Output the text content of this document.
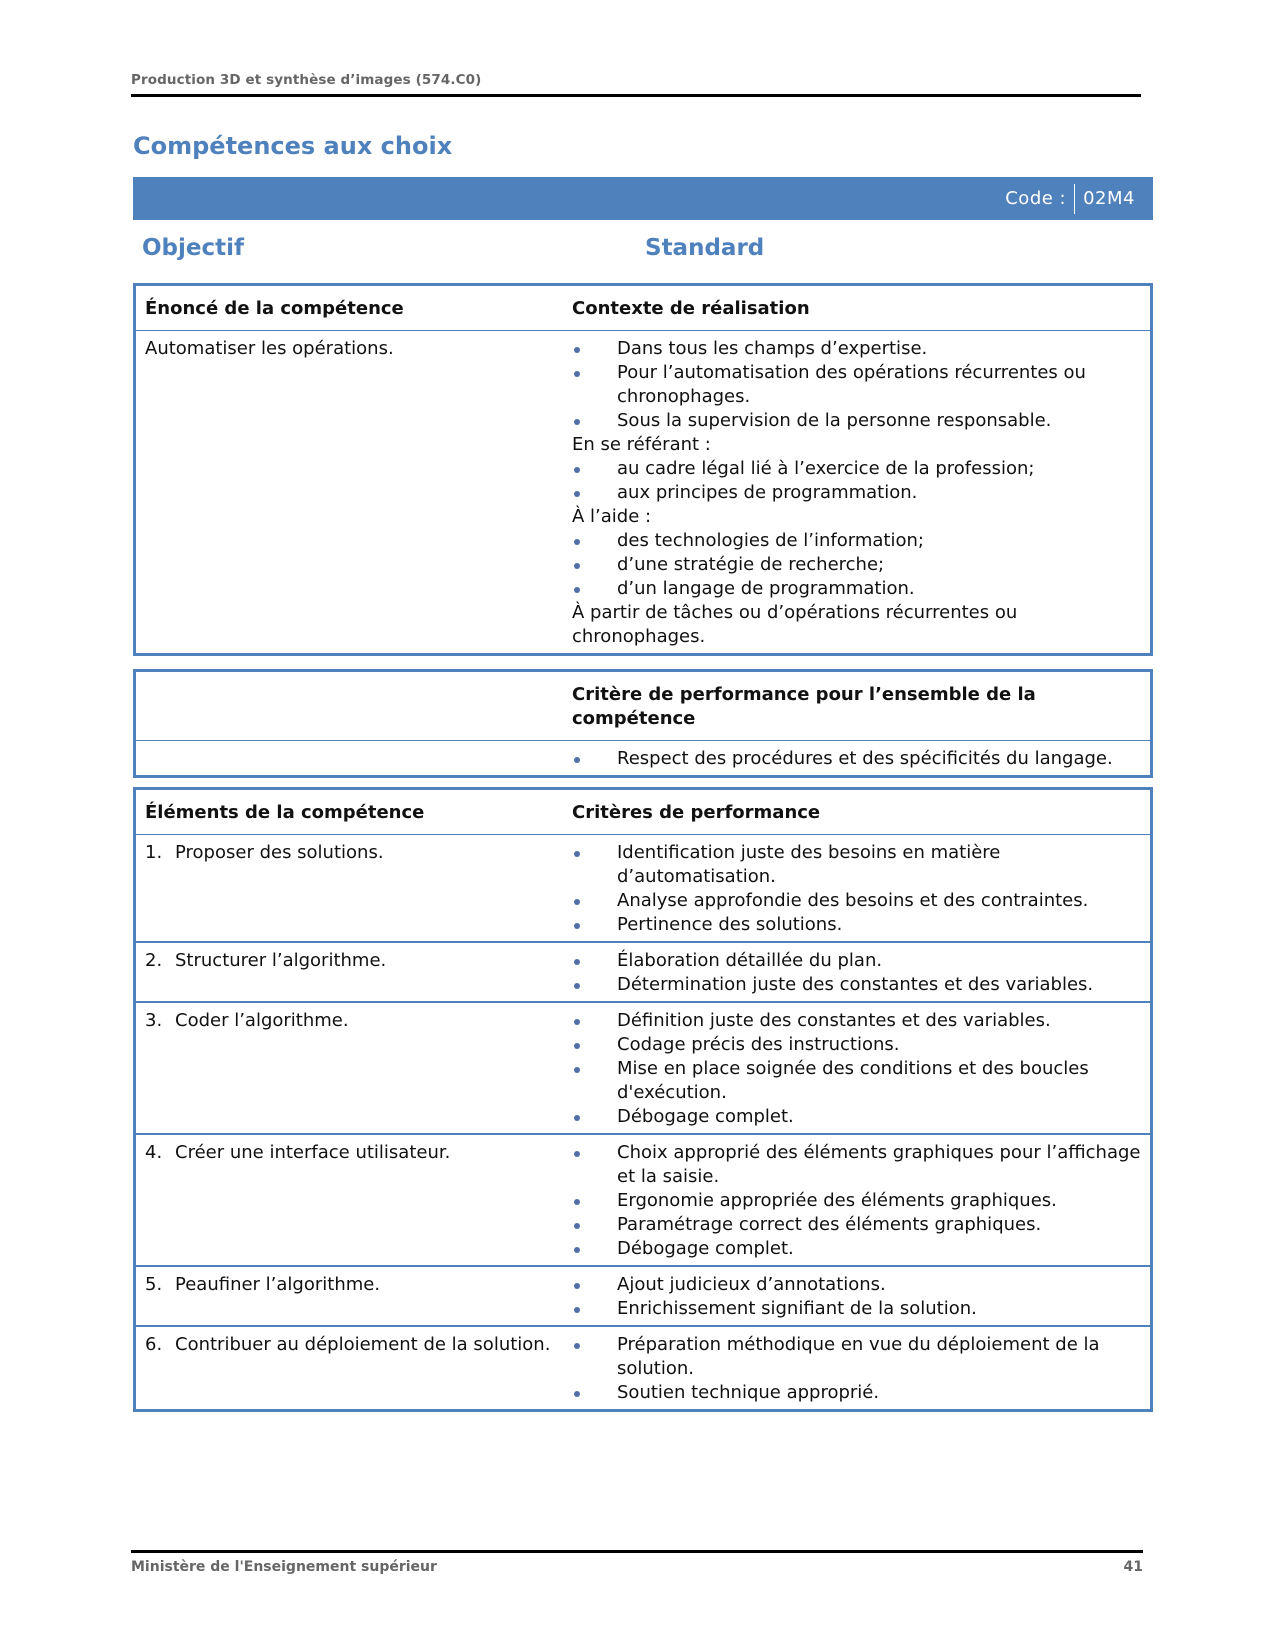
Production 3D et synthèse d’images (574.C0)
Compétences aux choix
Code : 02M4
Objectif	Standard
Énoncé de la compétence	Contexte de réalisation
Automatiser les opérations.	Dans tous les champs d’expertise.
Pour l’automatisation des opérations récurrentes ou chronophages.
Sous la supervision de la personne responsable.
En se référant :
au cadre légal lié à l’exercice de la profession;
aux principes de programmation.
À l’aide :
des technologies de l’information;
d’une stratégie de recherche;
d’un langage de programmation.
À partir de tâches ou d’opérations récurrentes ou chronophages.
	Critère de performance pour l’ensemble de la compétence

Respect des procédures et des spécificités du langage.
Éléments de la compétence	Critères de performance

1. Proposer des solutions.	Identification juste des besoins en matière d’automatisation.
Analyse approfondie des besoins et des contraintes.
Pertinence des solutions.

2. Structurer l’algorithme.	Élaboration détaillée du plan.
Détermination juste des constantes et des variables.

3. Coder l’algorithme.	Définition juste des constantes et des variables.
Codage précis des instructions.
Mise en place soignée des conditions et des boucles d'exécution.
Débogage complet.

4. Créer une interface utilisateur.	Choix approprié des éléments graphiques pour l’affichage et la saisie.
Ergonomie appropriée des éléments graphiques.
Paramétrage correct des éléments graphiques.
Débogage complet.

5. Peaufiner l’algorithme.	Ajout judicieux d’annotations.
Enrichissement signifiant de la solution.

6. Contribuer au déploiement de la solution.	Préparation méthodique en vue du déploiement de la solution.
Soutien technique approprié.
Ministère de l'Enseignement supérieur	41
